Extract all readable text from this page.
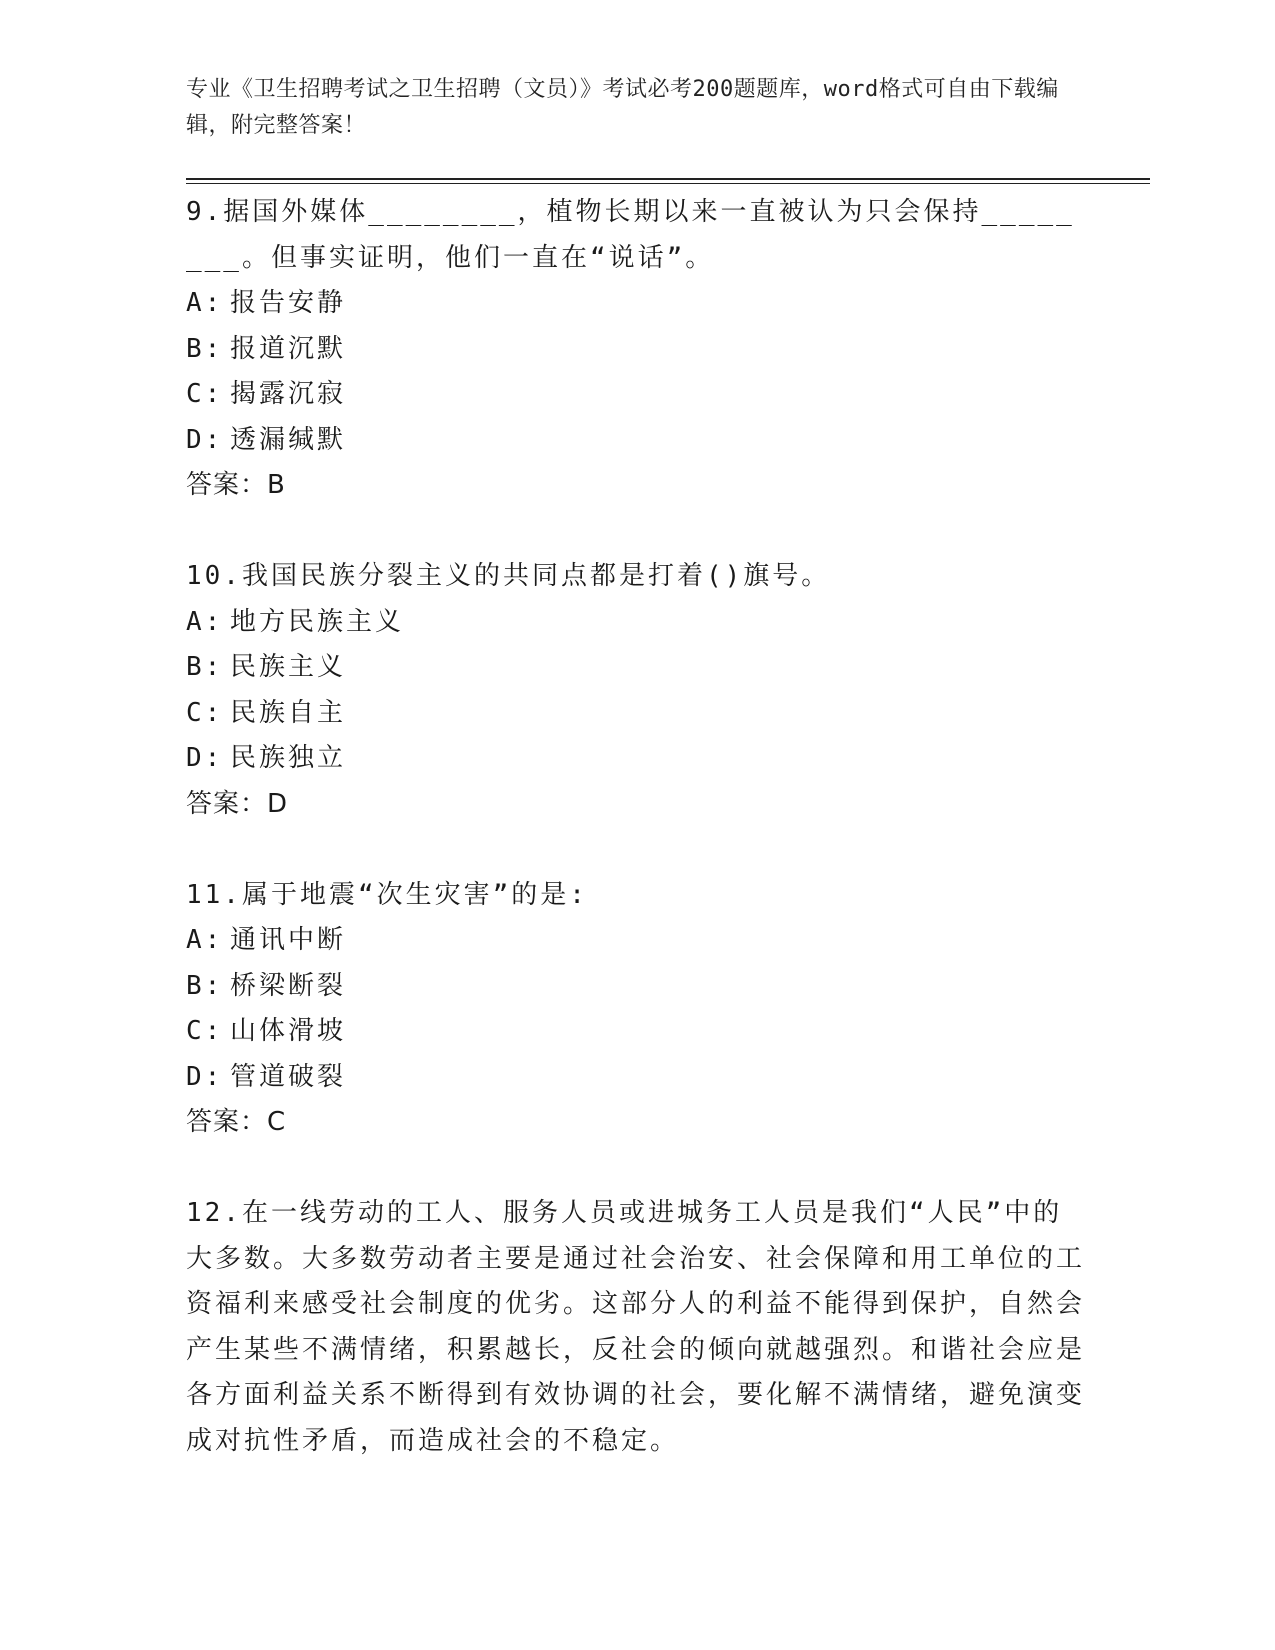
专业《卫生招聘考试之卫生招聘（文员）》考试必考200题题库，word格式可自由下载编辑，附完整答案！
9.据国外媒体________，植物长期以来一直被认为只会保持________。但事实证明，他们一直在“说话”。
A: 报告安静
B: 报道沉默
C: 揭露沉寂
D: 透漏缄默
答案：B
10.我国民族分裂主义的共同点都是打着()旗号。
A: 地方民族主义
B: 民族主义
C: 民族自主
D: 民族独立
答案：D
11.属于地震“次生灾害”的是:
A: 通讯中断
B: 桥梁断裂
C: 山体滑坡
D: 管道破裂
答案：C
12.在一线劳动的工人、服务人员或进城务工人员是我们“人民”中的大多数。大多数劳动者主要是通过社会治安、社会保障和用工单位的工资福利来感受社会制度的优劣。这部分人的利益不能得到保护，自然会产生某些不满情绪，积累越长，反社会的倾向就越强烈。和谐社会应是各方面利益关系不断得到有效协调的社会，要化解不满情绪，避免演变成对抗性矛盾，而造成社会的不稳定。
